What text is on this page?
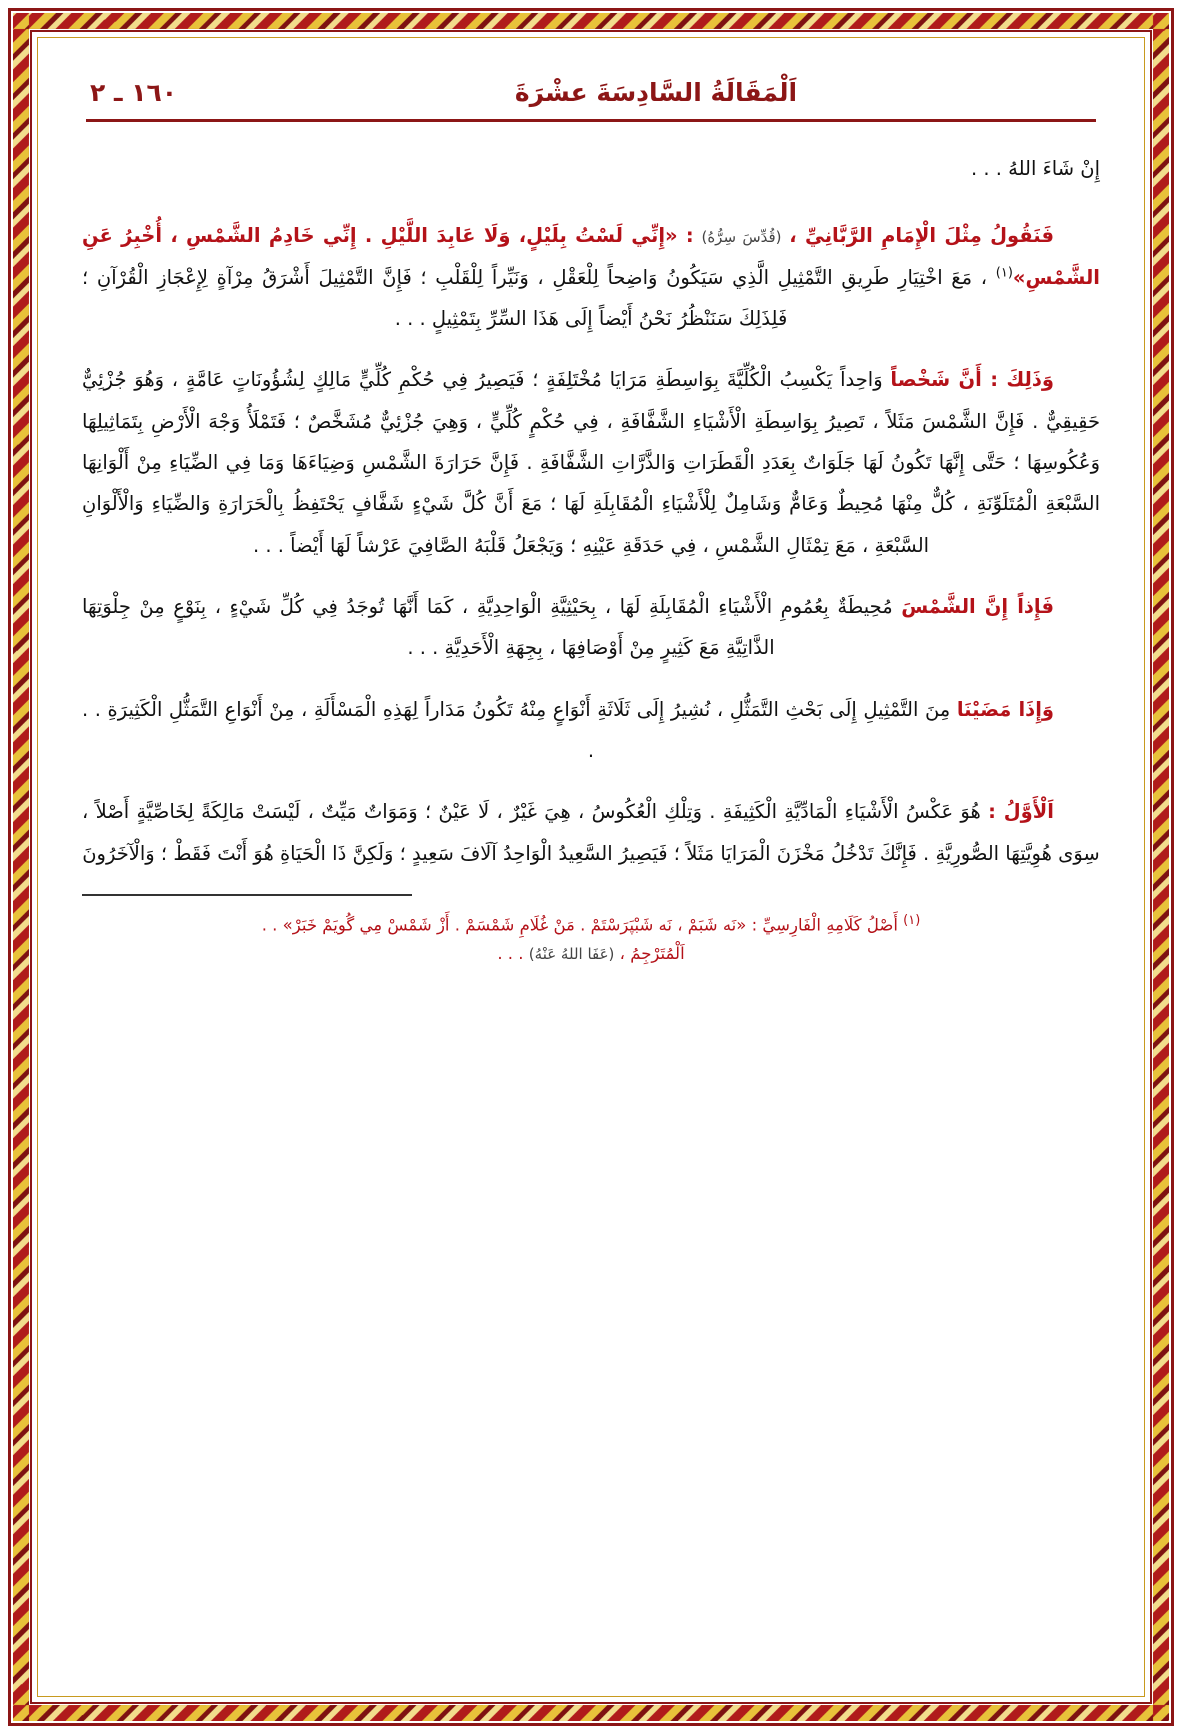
اَلْمَقَالَةُ السَّادِسَةَ عشْرَةَ
١٦٠ ـ ٢

إِنْ شَاءَ اللهُ . . .

فَنَقُولُ مِثْلَ الْإِمَامِ الرَّبَّانِيِّ ، (قُدِّسَ سِرُّهُ) : «إِنِّي لَسْتُ بِلَيْلٍ، وَلَا عَابِدَ اللَّيْلِ . إِنِّي خَادِمُ الشَّمْسِ ، أُخْبِرُ عَنِ الشَّمْسِ»$^{(١)}$ ، مَعَ اخْتِيَارِ طَرِيقِ التَّمْثِيلِ الَّذِي سَيَكُونُ وَاضِحاً لِلْعَقْلِ ، وَنَيِّراً لِلْقَلْبِ ؛ فَإِنَّ التَّمْثِيلَ أَشْرَقُ مِرْآةٍ لِإِعْجَازِ الْقُرْآنِ ؛ فَلِذَلِكَ سَنَنْظُرُ نَحْنُ أَيْضاً إِلَى هَذَا السِّرِّ بِتَمْثِيلٍ . . .

وَذَلِكَ : أَنَّ شَخْصاً وَاحِداً يَكْسِبُ الْكُلِّيَّةَ بِوَاسِطَةِ مَرَايَا مُخْتَلِفَةٍ ؛ فَيَصِيرُ فِي حُكْمِ كُلِّيٍّ مَالِكٍ لِشُؤُونَاتٍ عَامَّةٍ ، وَهُوَ جُزْئِيٌّ حَقِيقِيٌّ . فَإِنَّ الشَّمْسَ مَثَلاً ، تَصِيرُ بِوَاسِطَةِ الْأَشْيَاءِ الشَّفَّافَةِ ، فِي حُكْمٍ كُلِّيٍّ ، وَهِيَ جُزْئِيٌّ مُشَخَّصٌ ؛ فَتَمْلَأُ وَجْهَ الْأَرْضِ بِتَمَاثِيلِهَا وَعُكُوسِهَا ؛ حَتَّى إِنَّهَا تَكُونُ لَهَا جَلَوَاتٌ بِعَدَدِ الْقَطَرَاتِ وَالذَّرَّاتِ الشَّفَّافَةِ . فَإِنَّ حَرَارَةَ الشَّمْسِ وَضِيَاءَهَا وَمَا فِي الضِّيَاءِ مِنْ أَلْوَانِهَا السَّبْعَةِ الْمُتَلَوِّنَةِ ، كُلٌّ مِنْهَا مُحِيطٌ وَعَامٌّ وَشَامِلٌ لِلْأَشْيَاءِ الْمُقَابِلَةِ لَهَا ؛ مَعَ أَنَّ كُلَّ شَيْءٍ شَفَّافٍ يَحْتَفِظُ بِالْحَرَارَةِ وَالضِّيَاءِ وَالْأَلْوَانِ السَّبْعَةِ ، مَعَ تِمْثَالِ الشَّمْسِ ، فِي حَدَقَةِ عَيْنِهِ ؛ وَيَجْعَلُ قَلْبَهُ الصَّافِيَ عَرْشاً لَهَا أَيْضاً . . .

فَإِذاً إِنَّ الشَّمْسَ مُحِيطَةٌ بِعُمُومِ الْأَشْيَاءِ الْمُقَابِلَةِ لَهَا ، بِحَيْثِيَّةِ الْوَاحِدِيَّةِ ، كَمَا أَنَّهَا تُوجَدُ فِي كُلِّ شَيْءٍ ، بِنَوْعٍ مِنْ جِلْوَتِهَا الذَّاتِيَّةِ مَعَ كَثِيرٍ مِنْ أَوْصَافِهَا ، بِجِهَةِ الْأَحَدِيَّةِ . . .

وَإِذَا مَضَيْنَا مِنَ التَّمْثِيلِ إِلَى بَحْثِ التَّمَثُّلِ ، نُشِيرُ إِلَى ثَلَاثَةِ أَنْوَاعٍ مِنْهُ تَكُونُ مَدَاراً لِهَذِهِ الْمَسْأَلَةِ ، مِنْ أَنْوَاعِ التَّمَثُّلِ الْكَثِيرَةِ . . .

اَلْأَوَّلُ : هُوَ عَكْسُ الْأَشْيَاءِ الْمَادِّيَّةِ الْكَثِيفَةِ . وَتِلْكِ الْعُكُوسُ ، هِيَ غَيْرٌ ، لَا عَيْنٌ ؛ وَمَوَاتٌ مَيِّتٌ ، لَيْسَتْ مَالِكَةً لِخَاصِّيَّةٍ أَصْلاً ، سِوَى هُوِيَّتِهَا الصُّورِيَّةِ . فَإِنَّكَ تَدْخُلُ مَخْزَنَ الْمَرَايَا مَثَلاً ؛ فَيَصِيرُ السَّعِيدُ الْوَاحِدُ آلَافَ سَعِيدٍ ؛ وَلَكِنَّ ذَا الْحَيَاةِ هُوَ أَنْتَ فَقَطْ ؛ وَالْآخَرُونَ

$^{(١)}$ أَصْلُ كَلَامِهِ الْفَارِسِيِّ : «نَه شَبَمْ ، نَه شَبْپَرَسْتَمْ . مَنْ غُلَامِ شَمْسَمْ . أَزْ شَمْسْ مِي گُويَمْ خَبَرْ» . .

اَلْمُتَرْجِمُ ، (عَفَا اللهُ عَنْهُ) . . .
